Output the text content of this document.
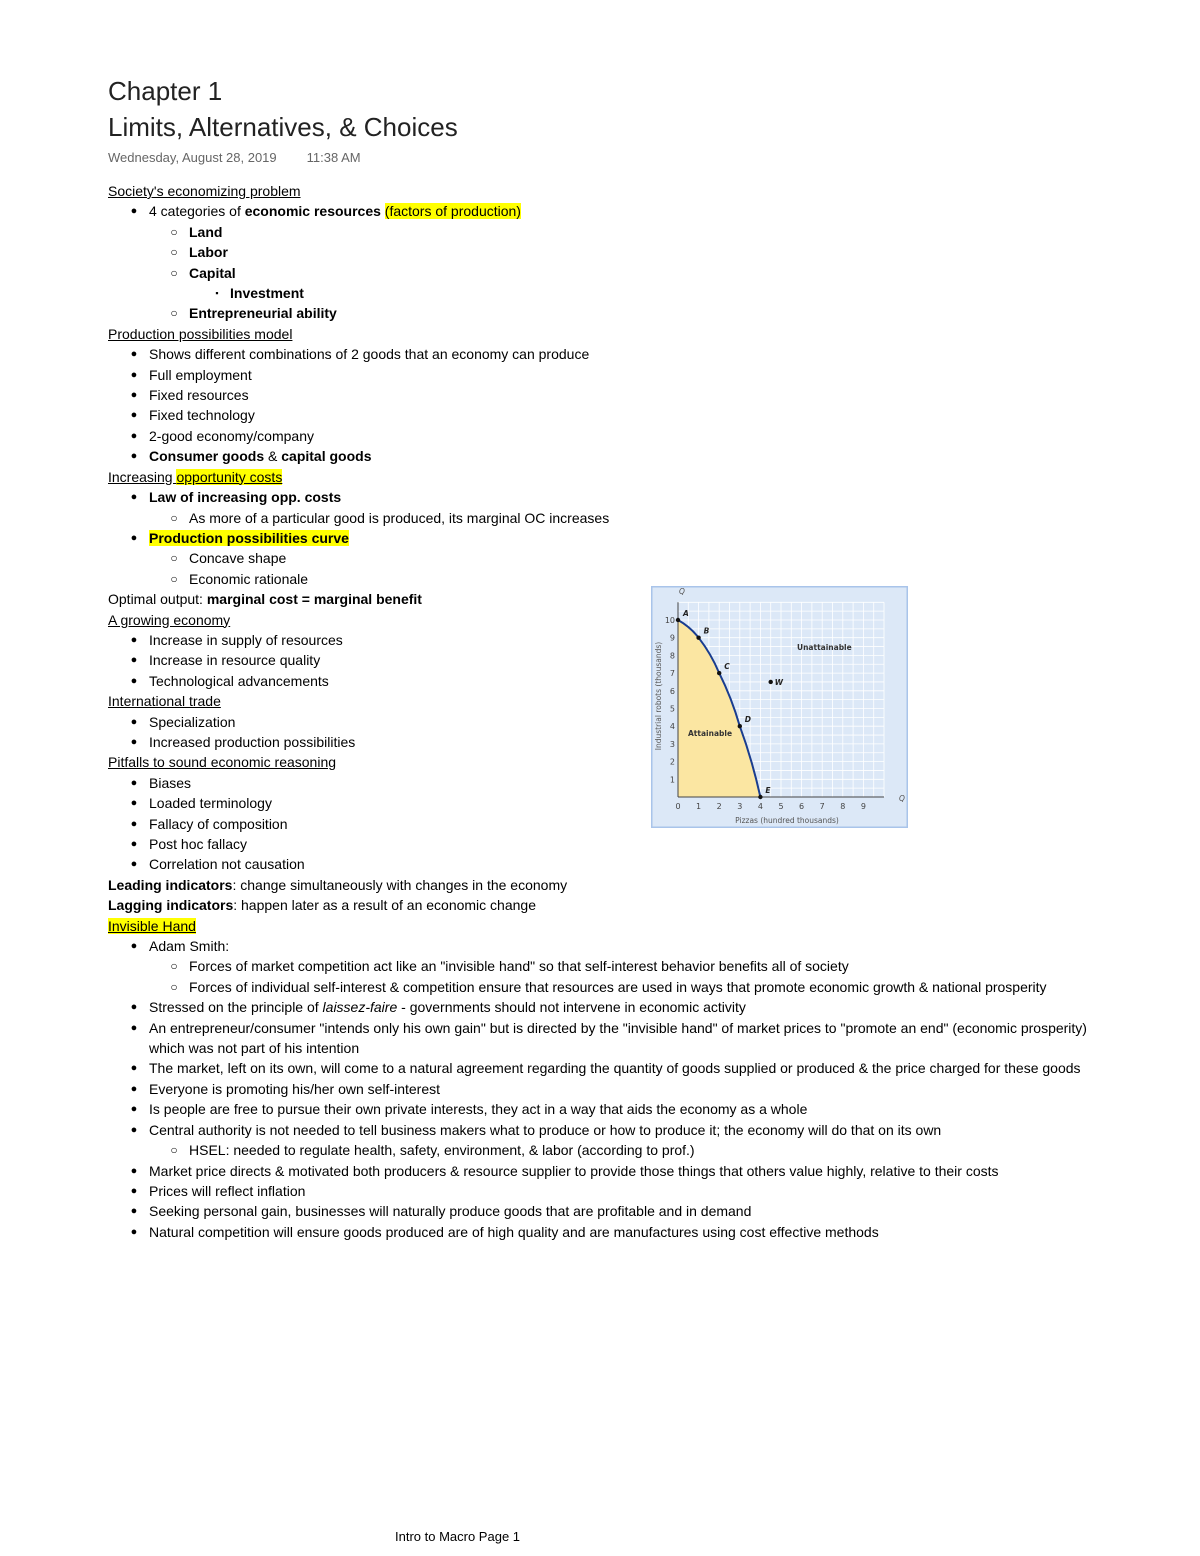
Chapter 1
Limits, Alternatives, & Choices
Wednesday, August 28, 2019 11:38 AM
Society's economizing problem
● 4 categories of economic resources (factors of production)
○ Land
○ Labor
○ Capital
▪ Investment
○ Entrepreneurial ability
Production possibilities model
● Shows different combinations of 2 goods that an economy can produce
● Full employment
● Fixed resources
● Fixed technology
● 2-good economy/company
● Consumer goods & capital goods
Increasing opportunity costs
● Law of increasing opp. costs
○ As more of a particular good is produced, its marginal OC increases
● Production possibilities curve
○ Concave shape
○ Economic rationale
Optimal output: marginal cost = marginal benefit
A growing economy
● Increase in supply of resources
● Increase in resource quality
● Technological advancements
International trade
● Specialization
● Increased production possibilities
Pitfalls to sound economic reasoning
● Biases
● Loaded terminology
● Fallacy of composition
● Post hoc fallacy
● Correlation not causation
Leading indicators: change simultaneously with changes in the economy
Lagging indicators: happen later as a result of an economic change
Invisible Hand
● Adam Smith:
○ Forces of market competition act like an "invisible hand" so that self-interest behavior benefits all of society
○ Forces of individual self-interest & competition ensure that resources are used in ways that promote economic growth & national prosperity
● Stressed on the principle of laissez-faire - governments should not intervene in economic activity
● An entrepreneur/consumer "intends only his own gain" but is directed by the "invisible hand" of market prices to "promote an end" (economic prosperity)
which was not part of his intention
● The market, left on its own, will come to a natural agreement regarding the quantity of goods supplied or produced & the price charged for these goods
● Everyone is promoting his/her own self-interest
● Is people are free to pursue their own private interests, they act in a way that aids the economy as a whole
● Central authority is not needed to tell business makers what to produce or how to produce it; the economy will do that on its own
○ HSEL: needed to regulate health, safety, environment, & labor (according to prof.)
● Market price directs & motivated both producers & resource supplier to provide those things that others value highly, relative to their costs
● Prices will reflect inflation
● Seeking personal gain, businesses will naturally produce goods that are profitable and in demand
● Natural competition will ensure goods produced are of high quality and are manufactures using cost effective methods
0 1 2 3 4 5 6 7 8 9
1
2
3
4
5
6
7
8
9
10
A
B
C
D
E
W
Attainable
Unattainable
Pizzas (hundred thousands)
Industrial robots (thousands)
Q
Q
Intro to Macro Page 1
